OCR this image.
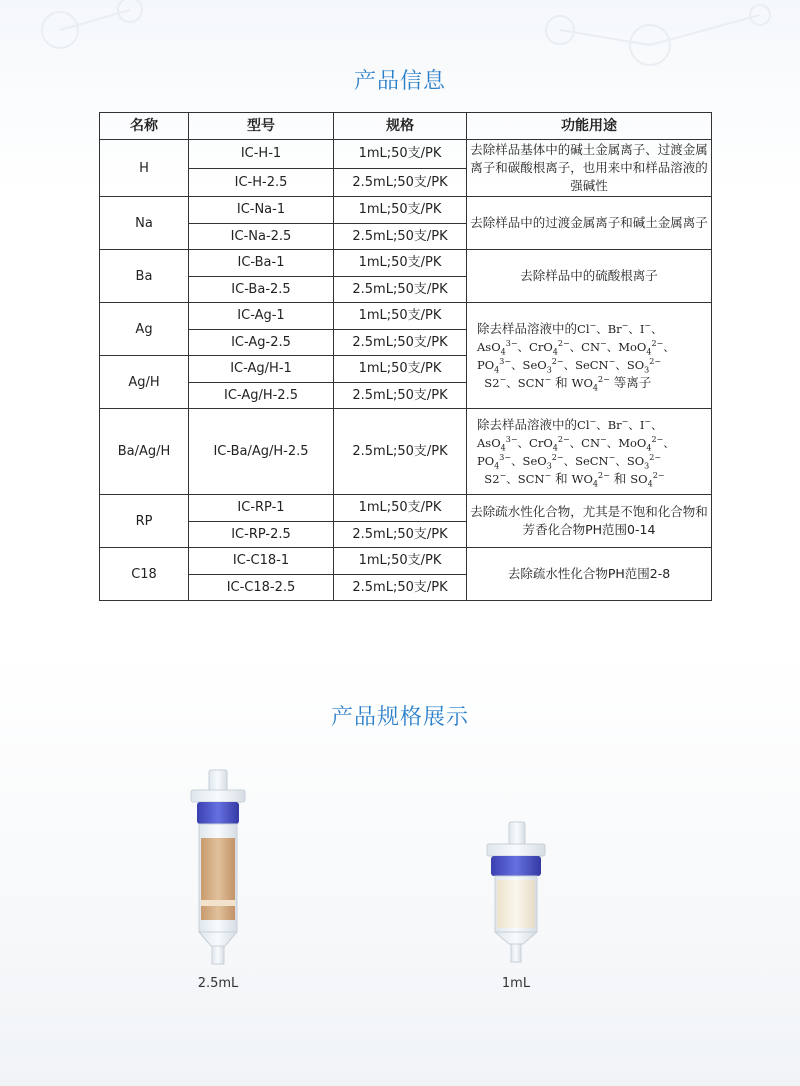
产品信息
名称	型号	规格	功能用途
H	IC-H-1	1mL;50支/PK	去除样品基体中的碱土金属离子、过渡金属离子和碳酸根离子，也用来中和样品溶液的强碱性
	IC-H-2.5	2.5mL;50支/PK	
Na	IC-Na-1	1mL;50支/PK	去除样品中的过渡金属离子和碱土金属离子
	IC-Na-2.5	2.5mL;50支/PK	
Ba	IC-Ba-1	1mL;50支/PK	去除样品中的硫酸根离子
	IC-Ba-2.5	2.5mL;50支/PK	
Ag	IC-Ag-1	1mL;50支/PK	除去样品溶液中的Cl−、Br−、I−、
AsO$_4^{3-}$、CrO$_4^{2-}$、CN−、MoO$_4^{2-}$、
$PO_4^{3-}$、SeO$_3^{2-}$、SeCN−、$SO_3^{2-}$
S2−、SCN− 和 $WO_4^{2-}$ 等离子
	IC-Ag-2.5	2.5mL;50支/PK	
Ag/H	IC-Ag/H-1	1mL;50支/PK	
	IC-Ag/H-2.5	2.5mL;50支/PK	
Ba/Ag/H	IC-Ba/Ag/H-2.5	2.5mL;50支/PK	除去样品溶液中的Cl−、Br−、I−、
AsO$_4^{3-}$、CrO$_4^{2-}$、CN−、MoO$_4^{2-}$、
$PO_4^{3-}$、SeO$_3^{2-}$、SeCN−、$SO_3^{2-}$
S2−、SCN− 和 $WO_4^{2-}$ 和 $SO_4^{2-}$
RP	IC-RP-1	1mL;50支/PK	去除疏水性化合物，尤其是不饱和化合物和芳香化合物PH范围0-14
	IC-RP-2.5	2.5mL;50支/PK	
C18	IC-C18-1	1mL;50支/PK	去除疏水性化合物PH范围2-8
	IC-C18-2.5	2.5mL;50支/PK	
产品规格展示
2.5mL	1mL
